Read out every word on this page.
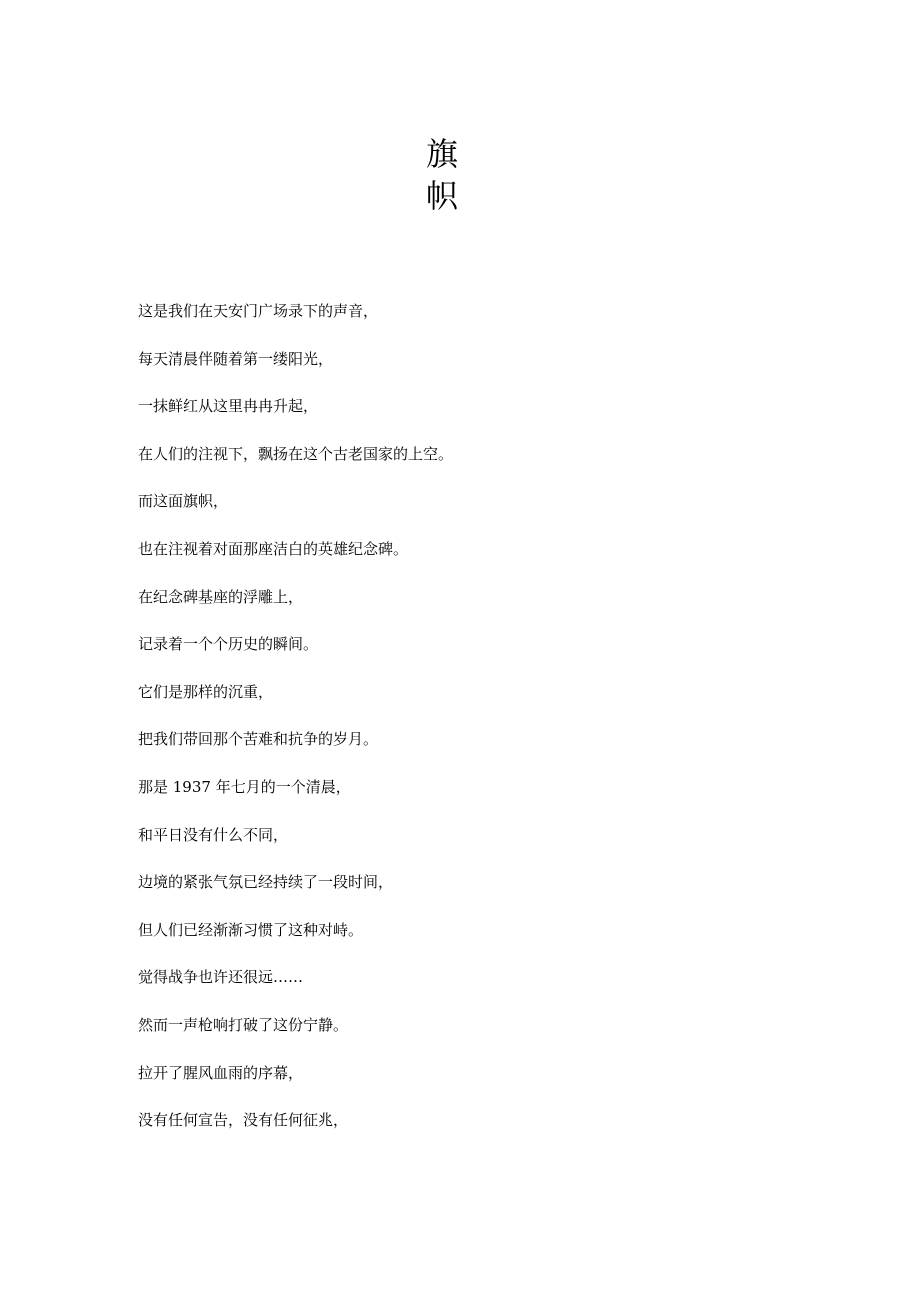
旗帜
这是我们在天安门广场录下的声音，
每天清晨伴随着第一缕阳光，
一抹鲜红从这里冉冉升起，
在人们的注视下，飘扬在这个古老国家的上空。
而这面旗帜，
也在注视着对面那座洁白的英雄纪念碑。
在纪念碑基座的浮雕上，
记录着一个个历史的瞬间。
它们是那样的沉重，
把我们带回那个苦难和抗争的岁月。
那是 1937 年七月的一个清晨，
和平日没有什么不同，
边境的紧张气氛已经持续了一段时间，
但人们已经渐渐习惯了这种对峙。
觉得战争也许还很远……
然而一声枪响打破了这份宁静。
拉开了腥风血雨的序幕，
没有任何宣告，没有任何征兆，
